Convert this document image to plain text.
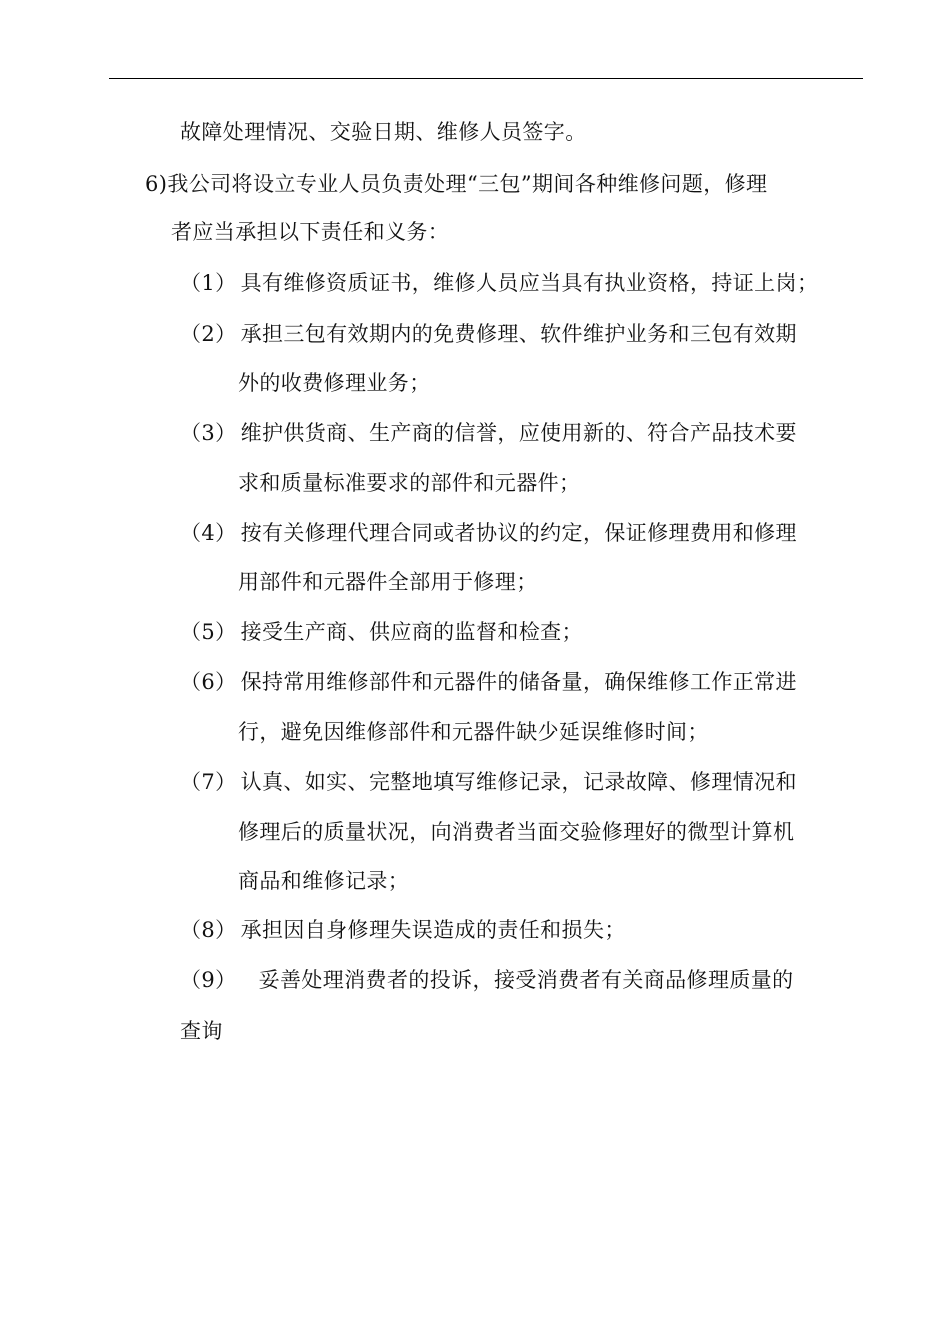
故障处理情况、交验日期、维修人员签字。
6)我公司将设立专业人员负责处理“三包”期间各种维修问题，修理
者应当承担以下责任和义务：
（1） 具有维修资质证书，维修人员应当具有执业资格，持证上岗；
（2） 承担三包有效期内的免费修理、软件维护业务和三包有效期
外的收费修理业务；
（3） 维护供货商、生产商的信誉，应使用新的、符合产品技术要
求和质量标准要求的部件和元器件；
（4） 按有关修理代理合同或者协议的约定，保证修理费用和修理
用部件和元器件全部用于修理；
（5） 接受生产商、供应商的监督和检查；
（6） 保持常用维修部件和元器件的储备量，确保维修工作正常进
行，避免因维修部件和元器件缺少延误维修时间；
（7） 认真、如实、完整地填写维修记录，记录故障、修理情况和
修理后的质量状况，向消费者当面交验修理好的微型计算机
商品和维修记录；
（8） 承担因自身修理失误造成的责任和损失；
（9） 妥善处理消费者的投诉，接受消费者有关商品修理质量的
查询
